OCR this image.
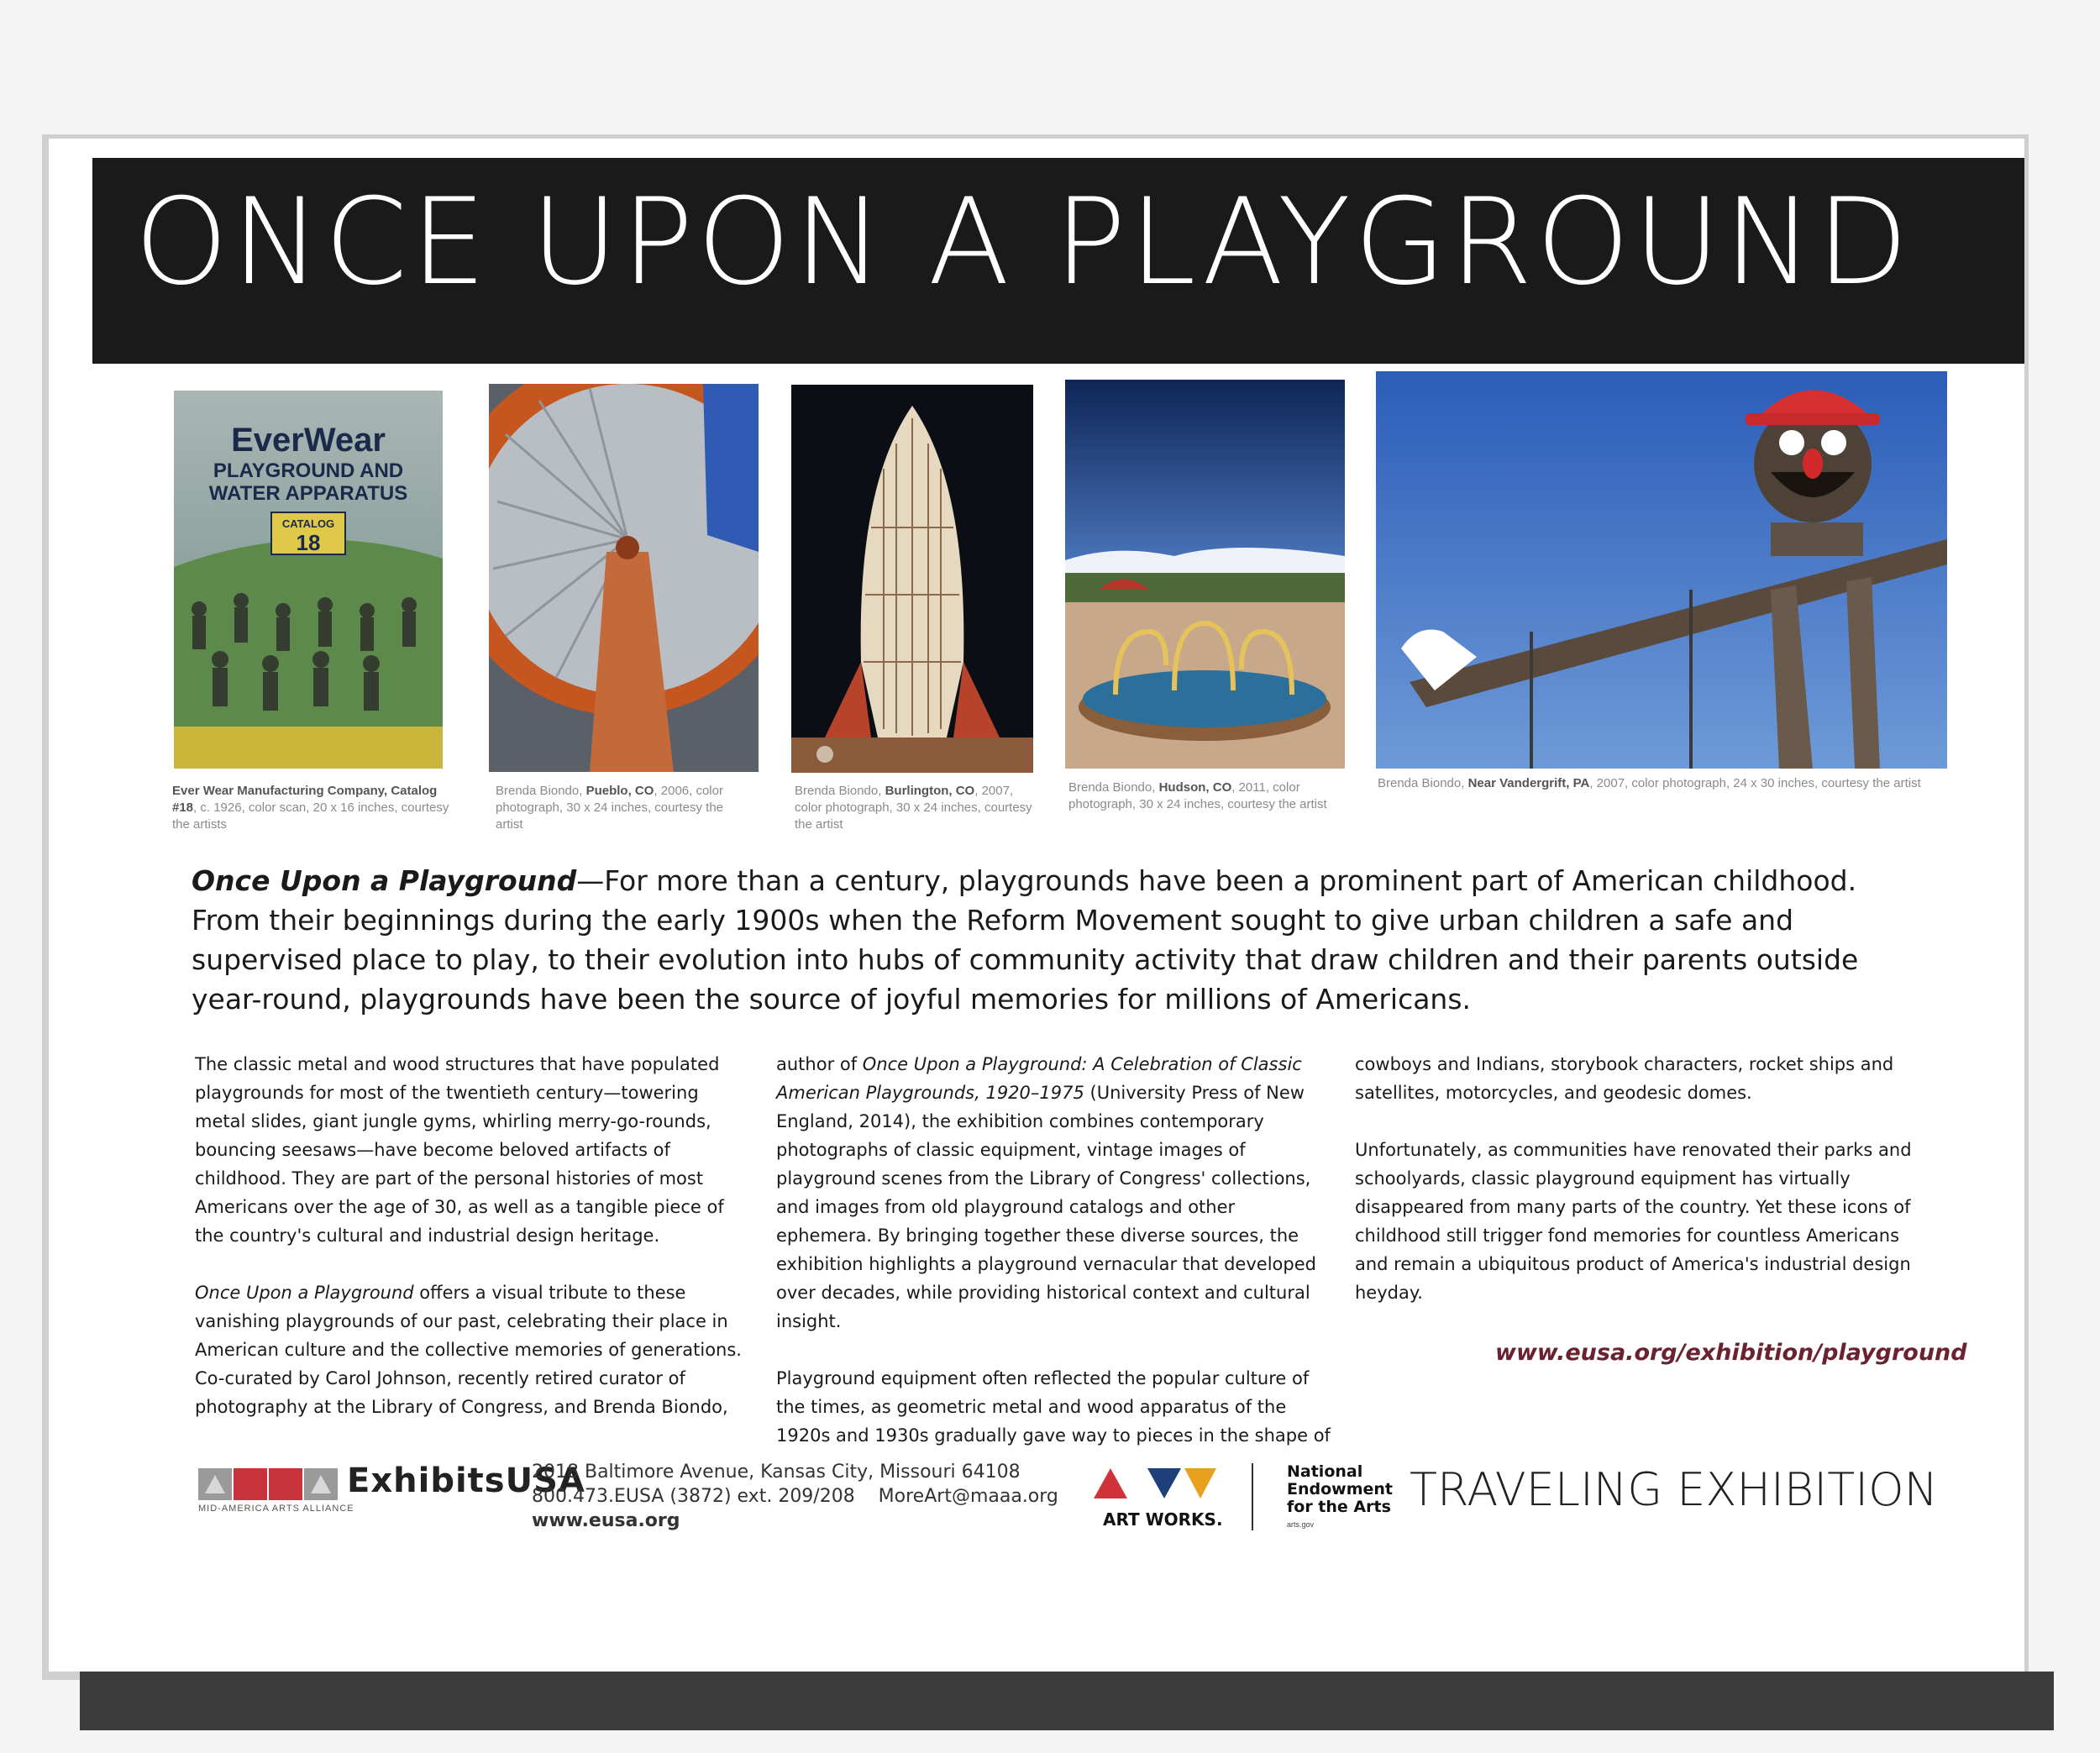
ONCE UPON A PLAYGROUND
EverWear
PLAYGROUND AND
WATER APPARATUS
CATALOG
18
Ever Wear Manufacturing Company, Catalog #18, c. 1926, color scan, 20 x 16 inches, courtesy the artists
Brenda Biondo, Pueblo, CO, 2006, color photograph, 30 x 24 inches, courtesy the artist
Brenda Biondo, Burlington, CO, 2007, color photograph, 30 x 24 inches, courtesy the artist
Brenda Biondo, Hudson, CO, 2011, color photograph, 30 x 24 inches, courtesy the artist
Brenda Biondo, Near Vandergrift, PA, 2007, color photograph, 24 x 30 inches, courtesy the artist
Once Upon a Playground—For more than a century, playgrounds have been a prominent part of American childhood. From their beginnings during the early 1900s when the Reform Movement sought to give urban children a safe and supervised place to play, to their evolution into hubs of community activity that draw children and their parents outside year-round, playgrounds have been the source of joyful memories for millions of Americans.

The classic metal and wood structures that have populated playgrounds for most of the twentieth century—towering metal slides, giant jungle gyms, whirling merry-go-rounds, bouncing seesaws—have become beloved artifacts of childhood. They are part of the personal histories of most Americans over the age of 30, as well as a tangible piece of the country's cultural and industrial design heritage.

Once Upon a Playground offers a visual tribute to these vanishing playgrounds of our past, celebrating their place in American culture and the collective memories of generations. Co-curated by Carol Johnson, recently retired curator of photography at the Library of Congress, and Brenda Biondo,

author of Once Upon a Playground: A Celebration of Classic American Playgrounds, 1920–1975 (University Press of New England, 2014), the exhibition combines contemporary photographs of classic equipment, vintage images of playground scenes from the Library of Congress' collections, and images from old playground catalogs and other ephemera. By bringing together these diverse sources, the exhibition highlights a playground vernacular that developed over decades, while providing historical context and cultural insight.

Playground equipment often reflected the popular culture of the times, as geometric metal and wood apparatus of the 1920s and 1930s gradually gave way to pieces in the shape of

cowboys and Indians, storybook characters, rocket ships and satellites, motorcycles, and geodesic domes.

Unfortunately, as communities have renovated their parks and schoolyards, classic playground equipment has virtually disappeared from many parts of the country. Yet these icons of childhood still trigger fond memories for countless Americans and remain a ubiquitous product of America's industrial design heyday.

www.eusa.org/exhibition/playground
MID-AMERICA ARTS ALLIANCE
ExhibitsUSA
2018 Baltimore Avenue, Kansas City, Missouri 64108
800.473.EUSA (3872) ext. 209/208    MoreArt@maaa.org
www.eusa.org	ART WORKS.
National
Endowment
for the Arts
arts.gov
TRAVELING EXHIBITION
